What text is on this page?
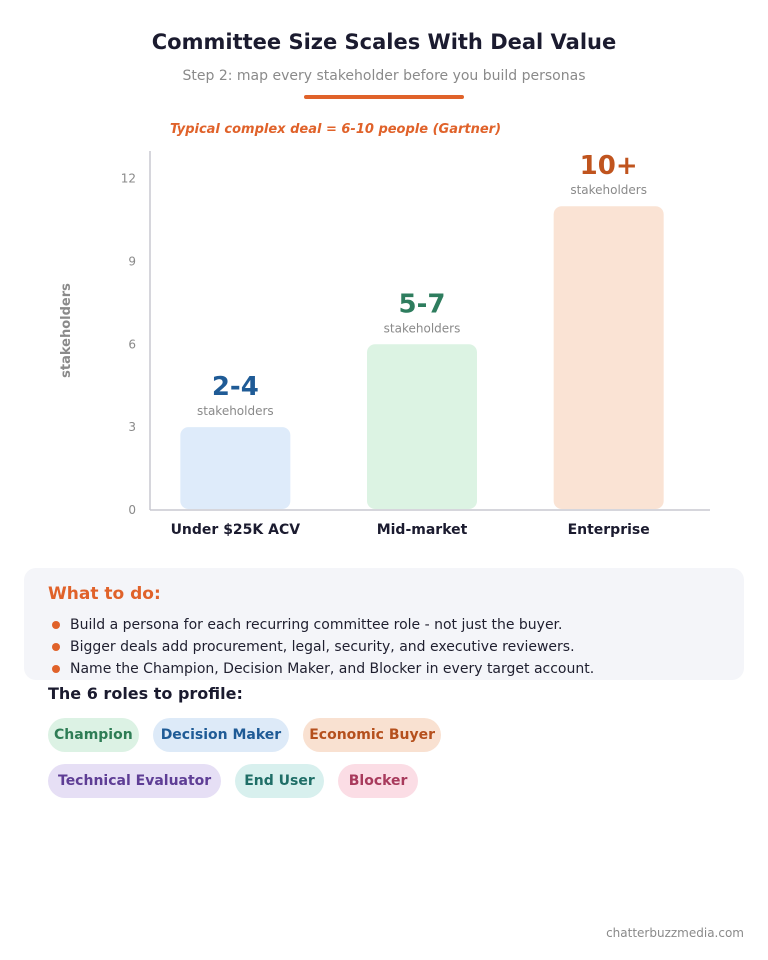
Committee Size Scales With Deal Value
Step 2: map every stakeholder before you build personas
Typical complex deal = 6-10 people (Gartner)
0
3
6
9
12
stakeholders
2-4
stakeholders
Under $25K ACV
5-7
stakeholders
Mid-market
10+
stakeholders
Enterprise
What to do:
Build a persona for each recurring committee role - not just the buyer.
Bigger deals add procurement, legal, security, and executive reviewers.
Name the Champion, Decision Maker, and Blocker in every target account.
The 6 roles to profile:
Champion	Decision Maker	Economic Buyer
Technical Evaluator	End User	Blocker
chatterbuzzmedia.com
